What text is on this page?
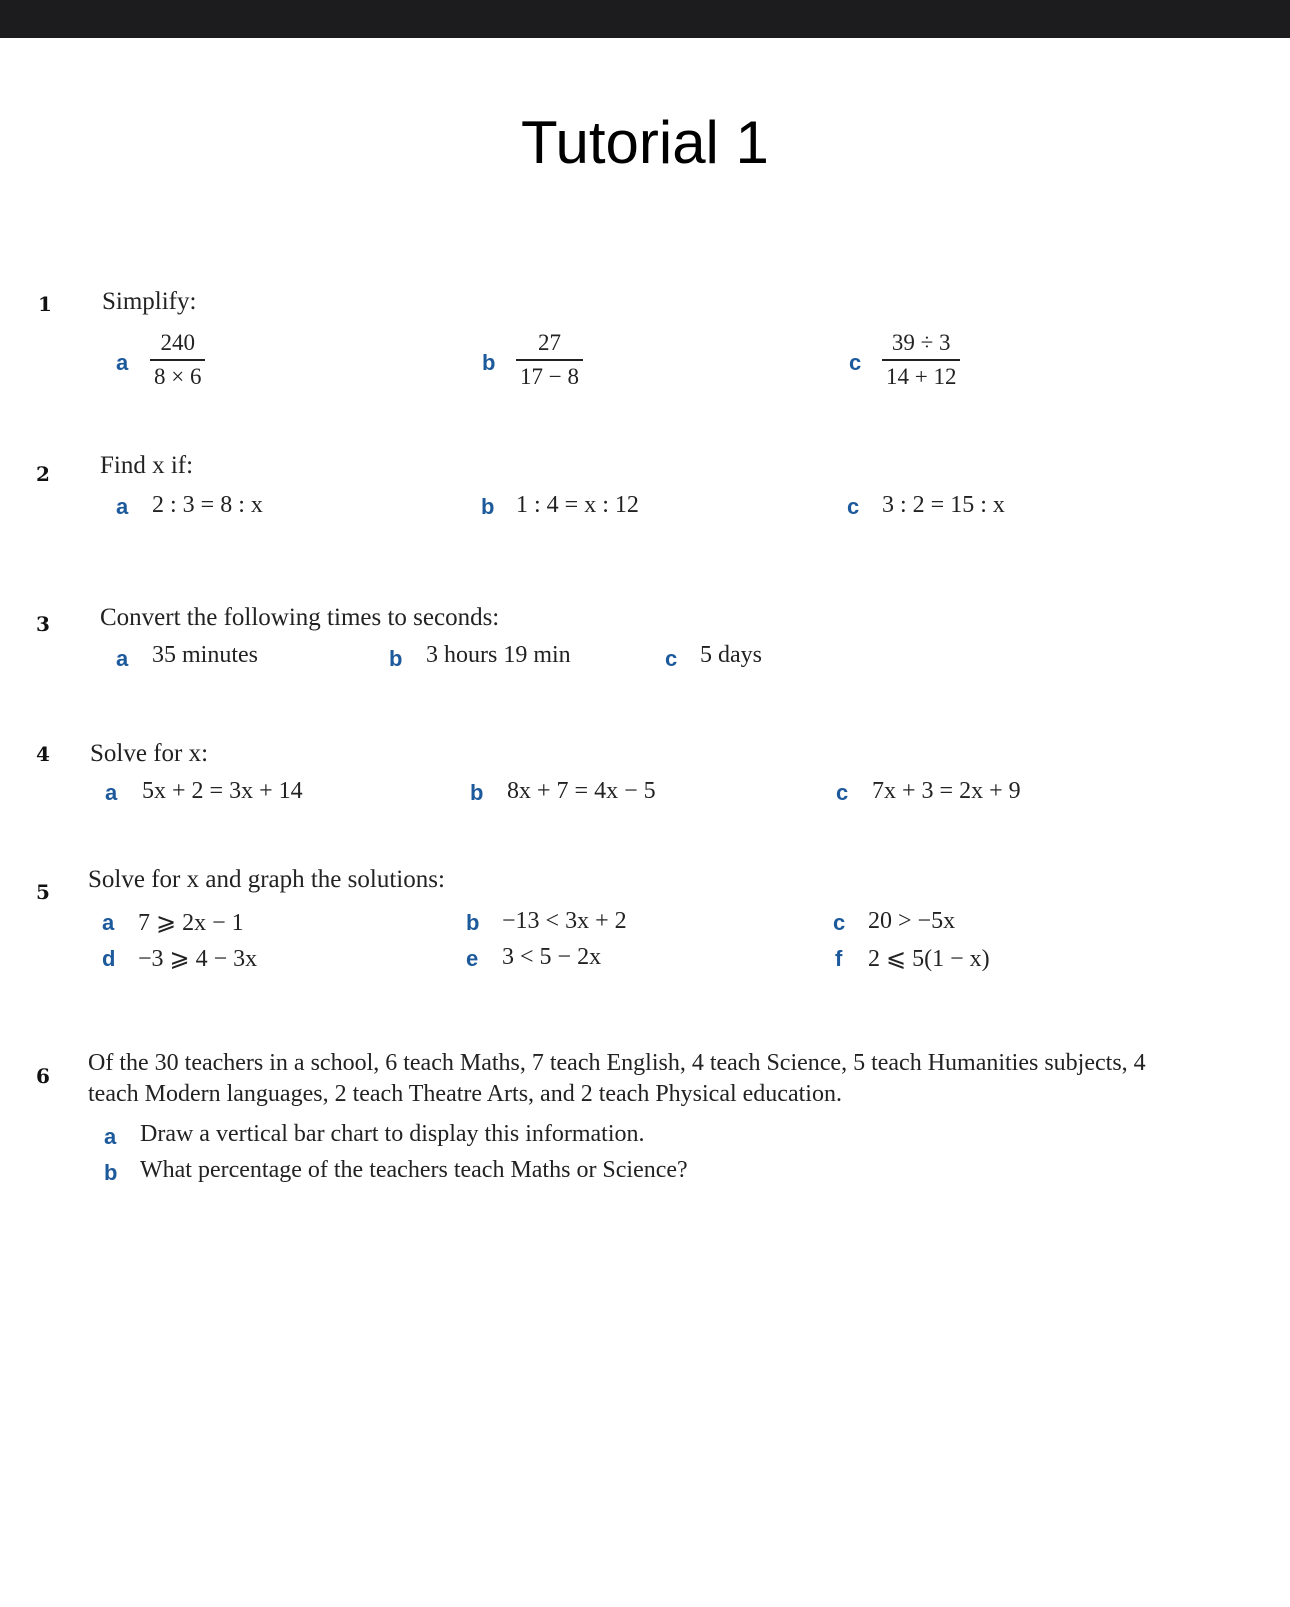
Tutorial 1
1 Simplify:
a $\frac{240}{8 \times 6}$	b $\frac{27}{17 - 8}$	c $\frac{39 \div 3}{14 + 12}$
2 Find x if:
a 2 : 3 = 8 : x	b 1 : 4 = x : 12	c 3 : 2 = 15 : x
3 Convert the following times to seconds:
a 35 minutes	b 3 hours 19 min	c 5 days
4 Solve for x:
a 5x + 2 = 3x + 14	b 8x + 7 = 4x − 5	c 7x + 3 = 2x + 9
5 Solve for x and graph the solutions:
a 7 ⩾ 2x − 1	b −13 < 3x + 2	c 20 > −5x
d −3 ⩾ 4 − 3x	e 3 < 5 − 2x	f 2 ⩽ 5(1 − x)
6 Of the 30 teachers in a school, 6 teach Maths, 7 teach English, 4 teach Science, 5 teach Humanities subjects, 4 teach Modern languages, 2 teach Theatre Arts, and 2 teach Physical education.
a Draw a vertical bar chart to display this information.
b What percentage of the teachers teach Maths or Science?
